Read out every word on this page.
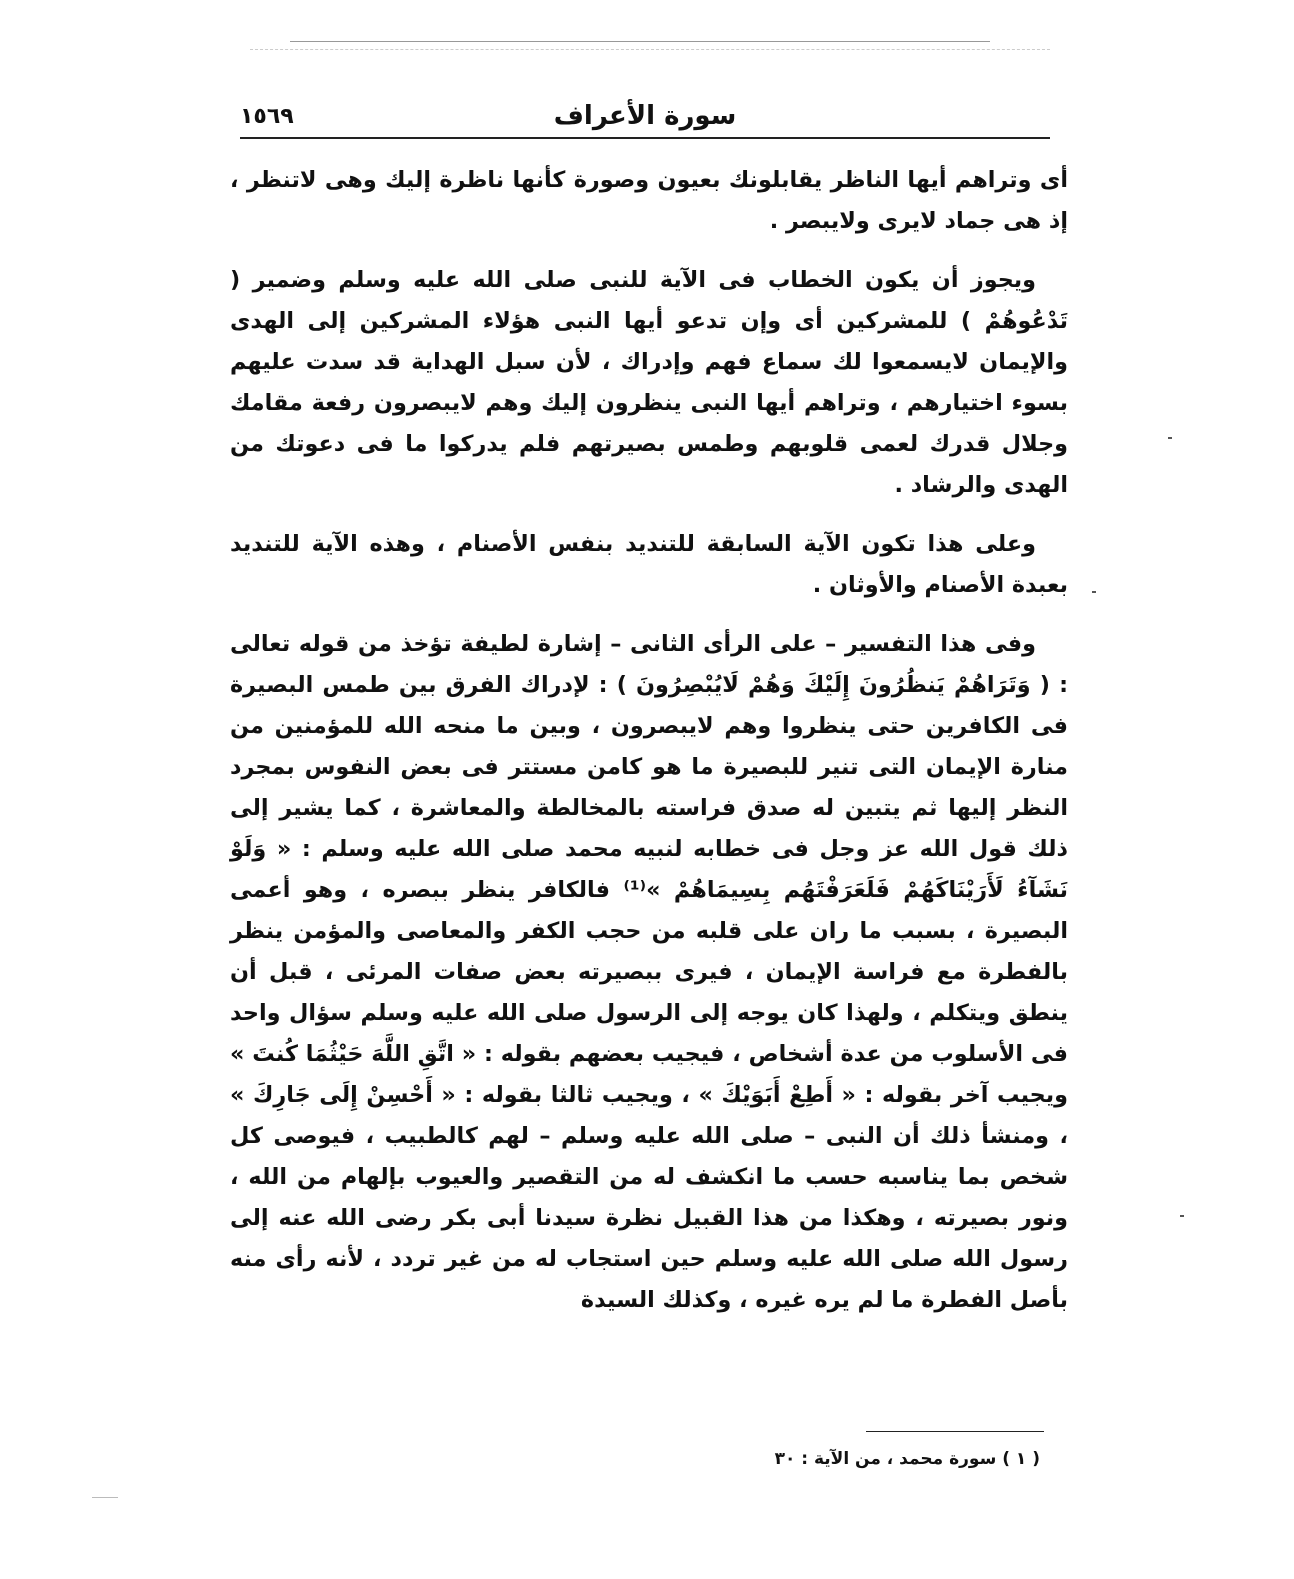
١٥٦٩	سورة الأعراف

أى وتراهم أيها الناظر يقابلونك بعيون وصورة كأنها ناظرة إليك وهى لاتنظر ، إذ هى جماد لايرى ولايبصر .

ويجوز أن يكون الخطاب فى الآية للنبى صلى الله عليه وسلم وضمير ( تَدْعُوهُمْ ) للمشركين أى وإن تدعو أيها النبى هؤلاء المشركين إلى الهدى والإيمان لايسمعوا لك سماع فهم وإدراك ، لأن سبل الهداية قد سدت عليهم بسوء اختيارهم ، وتراهم أيها النبى ينظرون إليك وهم لايبصرون رفعة مقامك وجلال قدرك لعمى قلوبهم وطمس بصيرتهم فلم يدركوا ما فى دعوتك من الهدى والرشاد .

وعلى هذا تكون الآية السابقة للتنديد بنفس الأصنام ، وهذه الآية للتنديد بعبدة الأصنام والأوثان .

وفى هذا التفسير – على الرأى الثانى – إشارة لطيفة تؤخذ من قوله تعالى : ( وَتَرَاهُمْ يَنظُرُونَ إِلَيْكَ وَهُمْ لَايُبْصِرُونَ ) : لإدراك الفرق بين طمس البصيرة فى الكافرين حتى ينظروا وهم لايبصرون ، وبين ما منحه الله للمؤمنين من منارة الإيمان التى تنير للبصيرة ما هو كامن مستتر فى بعض النفوس بمجرد النظر إليها ثم يتبين له صدق فراسته بالمخالطة والمعاشرة ، كما يشير إلى ذلك قول الله عز وجل فى خطابه لنبيه محمد صلى الله عليه وسلم : « وَلَوْ نَشَآءُ لَأَرَيْنَاكَهُمْ فَلَعَرَفْتَهُم بِسِيمَاهُمْ »⁽¹⁾ فالكافر ينظر ببصره ، وهو أعمى البصيرة ، بسبب ما ران على قلبه من حجب الكفر والمعاصى والمؤمن ينظر بالفطرة مع فراسة الإيمان ، فيرى ببصيرته بعض صفات المرئى ، قبل أن ينطق ويتكلم ، ولهذا كان يوجه إلى الرسول صلى الله عليه وسلم سؤال واحد فى الأسلوب من عدة أشخاص ، فيجيب بعضهم بقوله : « اتَّقِ اللَّهَ حَيْثُمَا كُنتَ » ويجيب آخر بقوله : « أَطِعْ أَبَوَيْكَ » ، ويجيب ثالثا بقوله : « أَحْسِنْ إِلَى جَارِكَ » ، ومنشأ ذلك أن النبى – صلى الله عليه وسلم – لهم كالطبيب ، فيوصى كل شخص بما يناسبه حسب ما انكشف له من التقصير والعيوب بإلهام من الله ، ونور بصيرته ، وهكذا من هذا القبيل نظرة سيدنا أبى بكر رضى الله عنه إلى رسول الله صلى الله عليه وسلم حين استجاب له من غير تردد ، لأنه رأى منه بأصل الفطرة ما لم يره غيره ، وكذلك السيدة

( ١ ) سورة محمد ، من الآية : ٣٠
